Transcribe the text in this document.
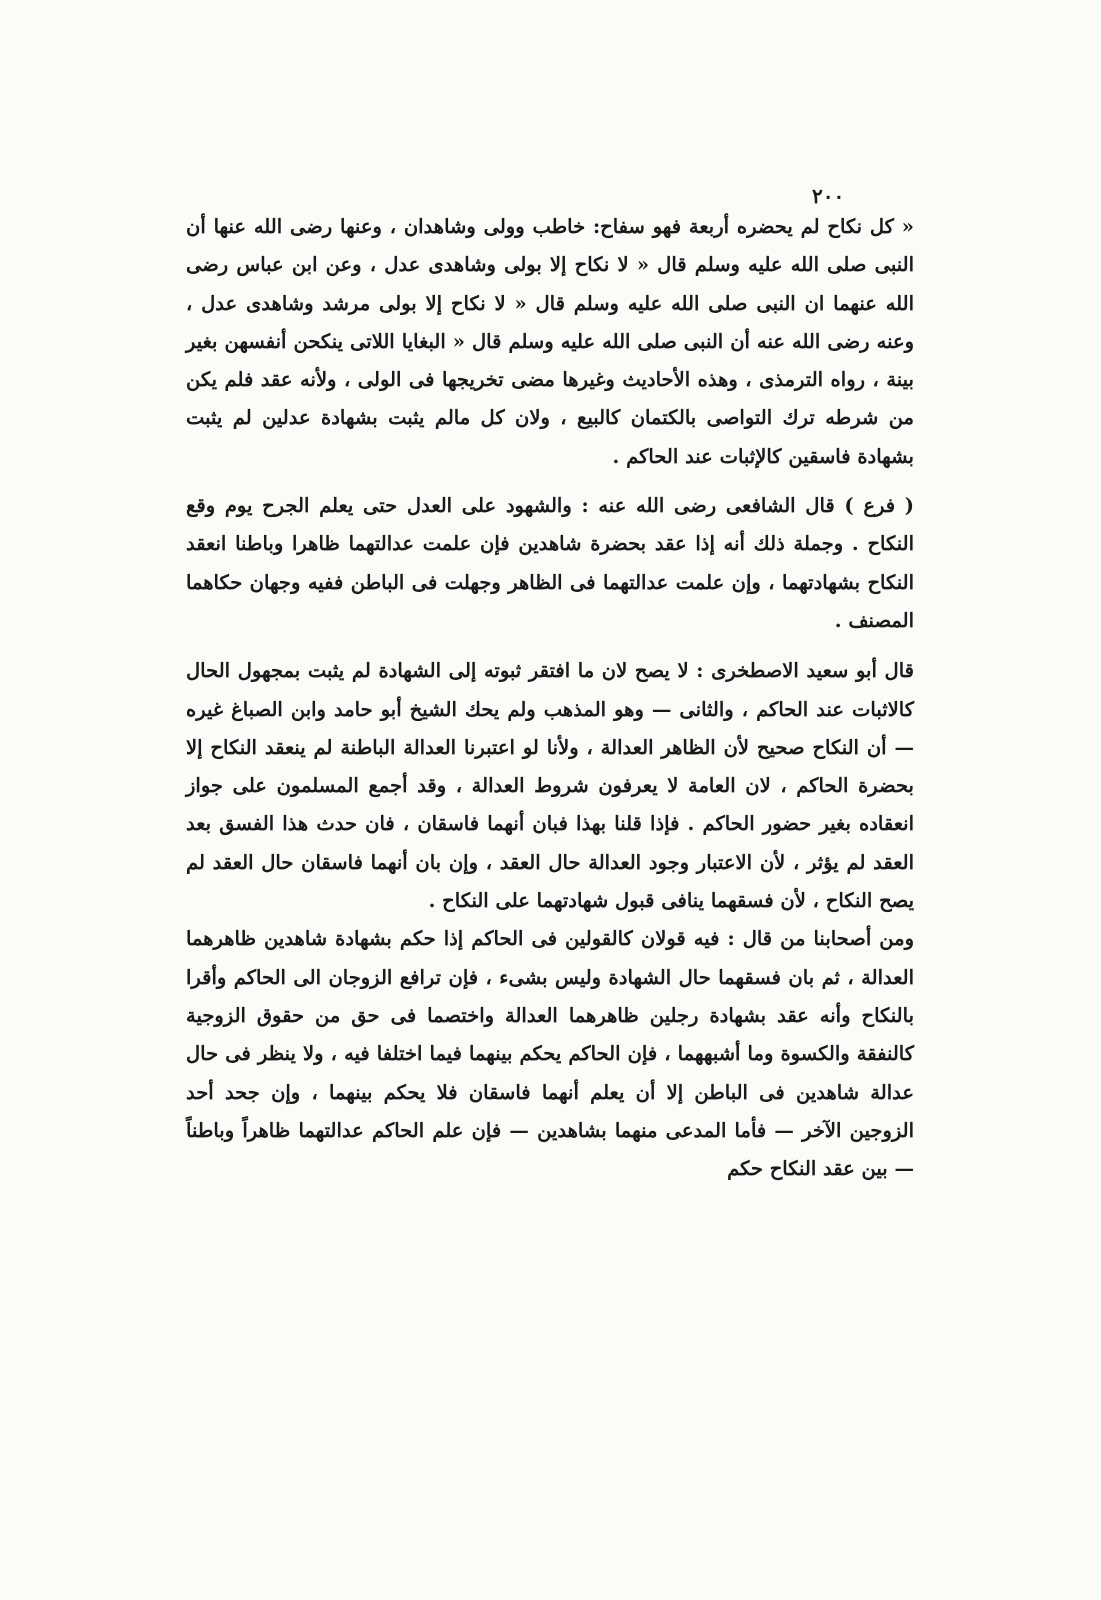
٢٠٠

« كل نكاح لم يحضره أربعة فهو سفاح: خاطب وولى وشاهدان ، وعنها رضى الله عنها أن النبى صلى الله عليه وسلم قال « لا نكاح إلا بولى وشاهدى عدل ، وعن ابن عباس رضى الله عنهما ان النبى صلى الله عليه وسلم قال « لا نكاح إلا بولى مرشد وشاهدى عدل ، وعنه رضى الله عنه أن النبى صلى الله عليه وسلم قال « البغايا اللاتى ينكحن أنفسهن بغير بينة ، رواه الترمذى ، وهذه الأحاديث وغيرها مضى تخريجها فى الولى ، ولأنه عقد فلم يكن من شرطه ترك التواصى بالكتمان كالبيع ، ولان كل مالم يثبت بشهادة عدلين لم يثبت بشهادة فاسقين كالإثبات عند الحاكم .

( فرع ) قال الشافعى رضى الله عنه : والشهود على العدل حتى يعلم الجرح يوم وقع النكاح . وجملة ذلك أنه إذا عقد بحضرة شاهدين فإن علمت عدالتهما ظاهرا وباطنا انعقد النكاح بشهادتهما ، وإن علمت عدالتهما فى الظاهر وجهلت فى الباطن ففيه وجهان حكاهما المصنف .

قال أبو سعيد الاصطخرى : لا يصح لان ما افتقر ثبوته إلى الشهادة لم يثبت بمجهول الحال كالاثبات عند الحاكم ، والثانى — وهو المذهب ولم يحك الشيخ أبو حامد وابن الصباغ غيره — أن النكاح صحيح لأن الظاهر العدالة ، ولأنا لو اعتبرنا العدالة الباطنة لم ينعقد النكاح إلا بحضرة الحاكم ، لان العامة لا يعرفون شروط العدالة ، وقد أجمع المسلمون على جواز انعقاده بغير حضور الحاكم . فإذا قلنا بهذا فبان أنهما فاسقان ، فان حدث هذا الفسق بعد العقد لم يؤثر ، لأن الاعتبار وجود العدالة حال العقد ، وإن بان أنهما فاسقان حال العقد لم يصح النكاح ، لأن فسقهما ينافى قبول شهادتهما على النكاح .

ومن أصحابنا من قال : فيه قولان كالقولين فى الحاكم إذا حكم بشهادة شاهدين ظاهرهما العدالة ، ثم بان فسقهما حال الشهادة وليس بشىء ، فإن ترافع الزوجان الى الحاكم وأقرا بالنكاح وأنه عقد بشهادة رجلين ظاهرهما العدالة واختصما فى حق من حقوق الزوجية كالنفقة والكسوة وما أشبههما ، فإن الحاكم يحكم بينهما فيما اختلفا فيه ، ولا ينظر فى حال عدالة شاهدين فى الباطن إلا أن يعلم أنهما فاسقان فلا يحكم بينهما ، وإن جحد أحد الزوجين الآخر — فأما المدعى منهما بشاهدين — فإن علم الحاكم عدالتهما ظاهراً وباطناً — بين عقد النكاح حكم
